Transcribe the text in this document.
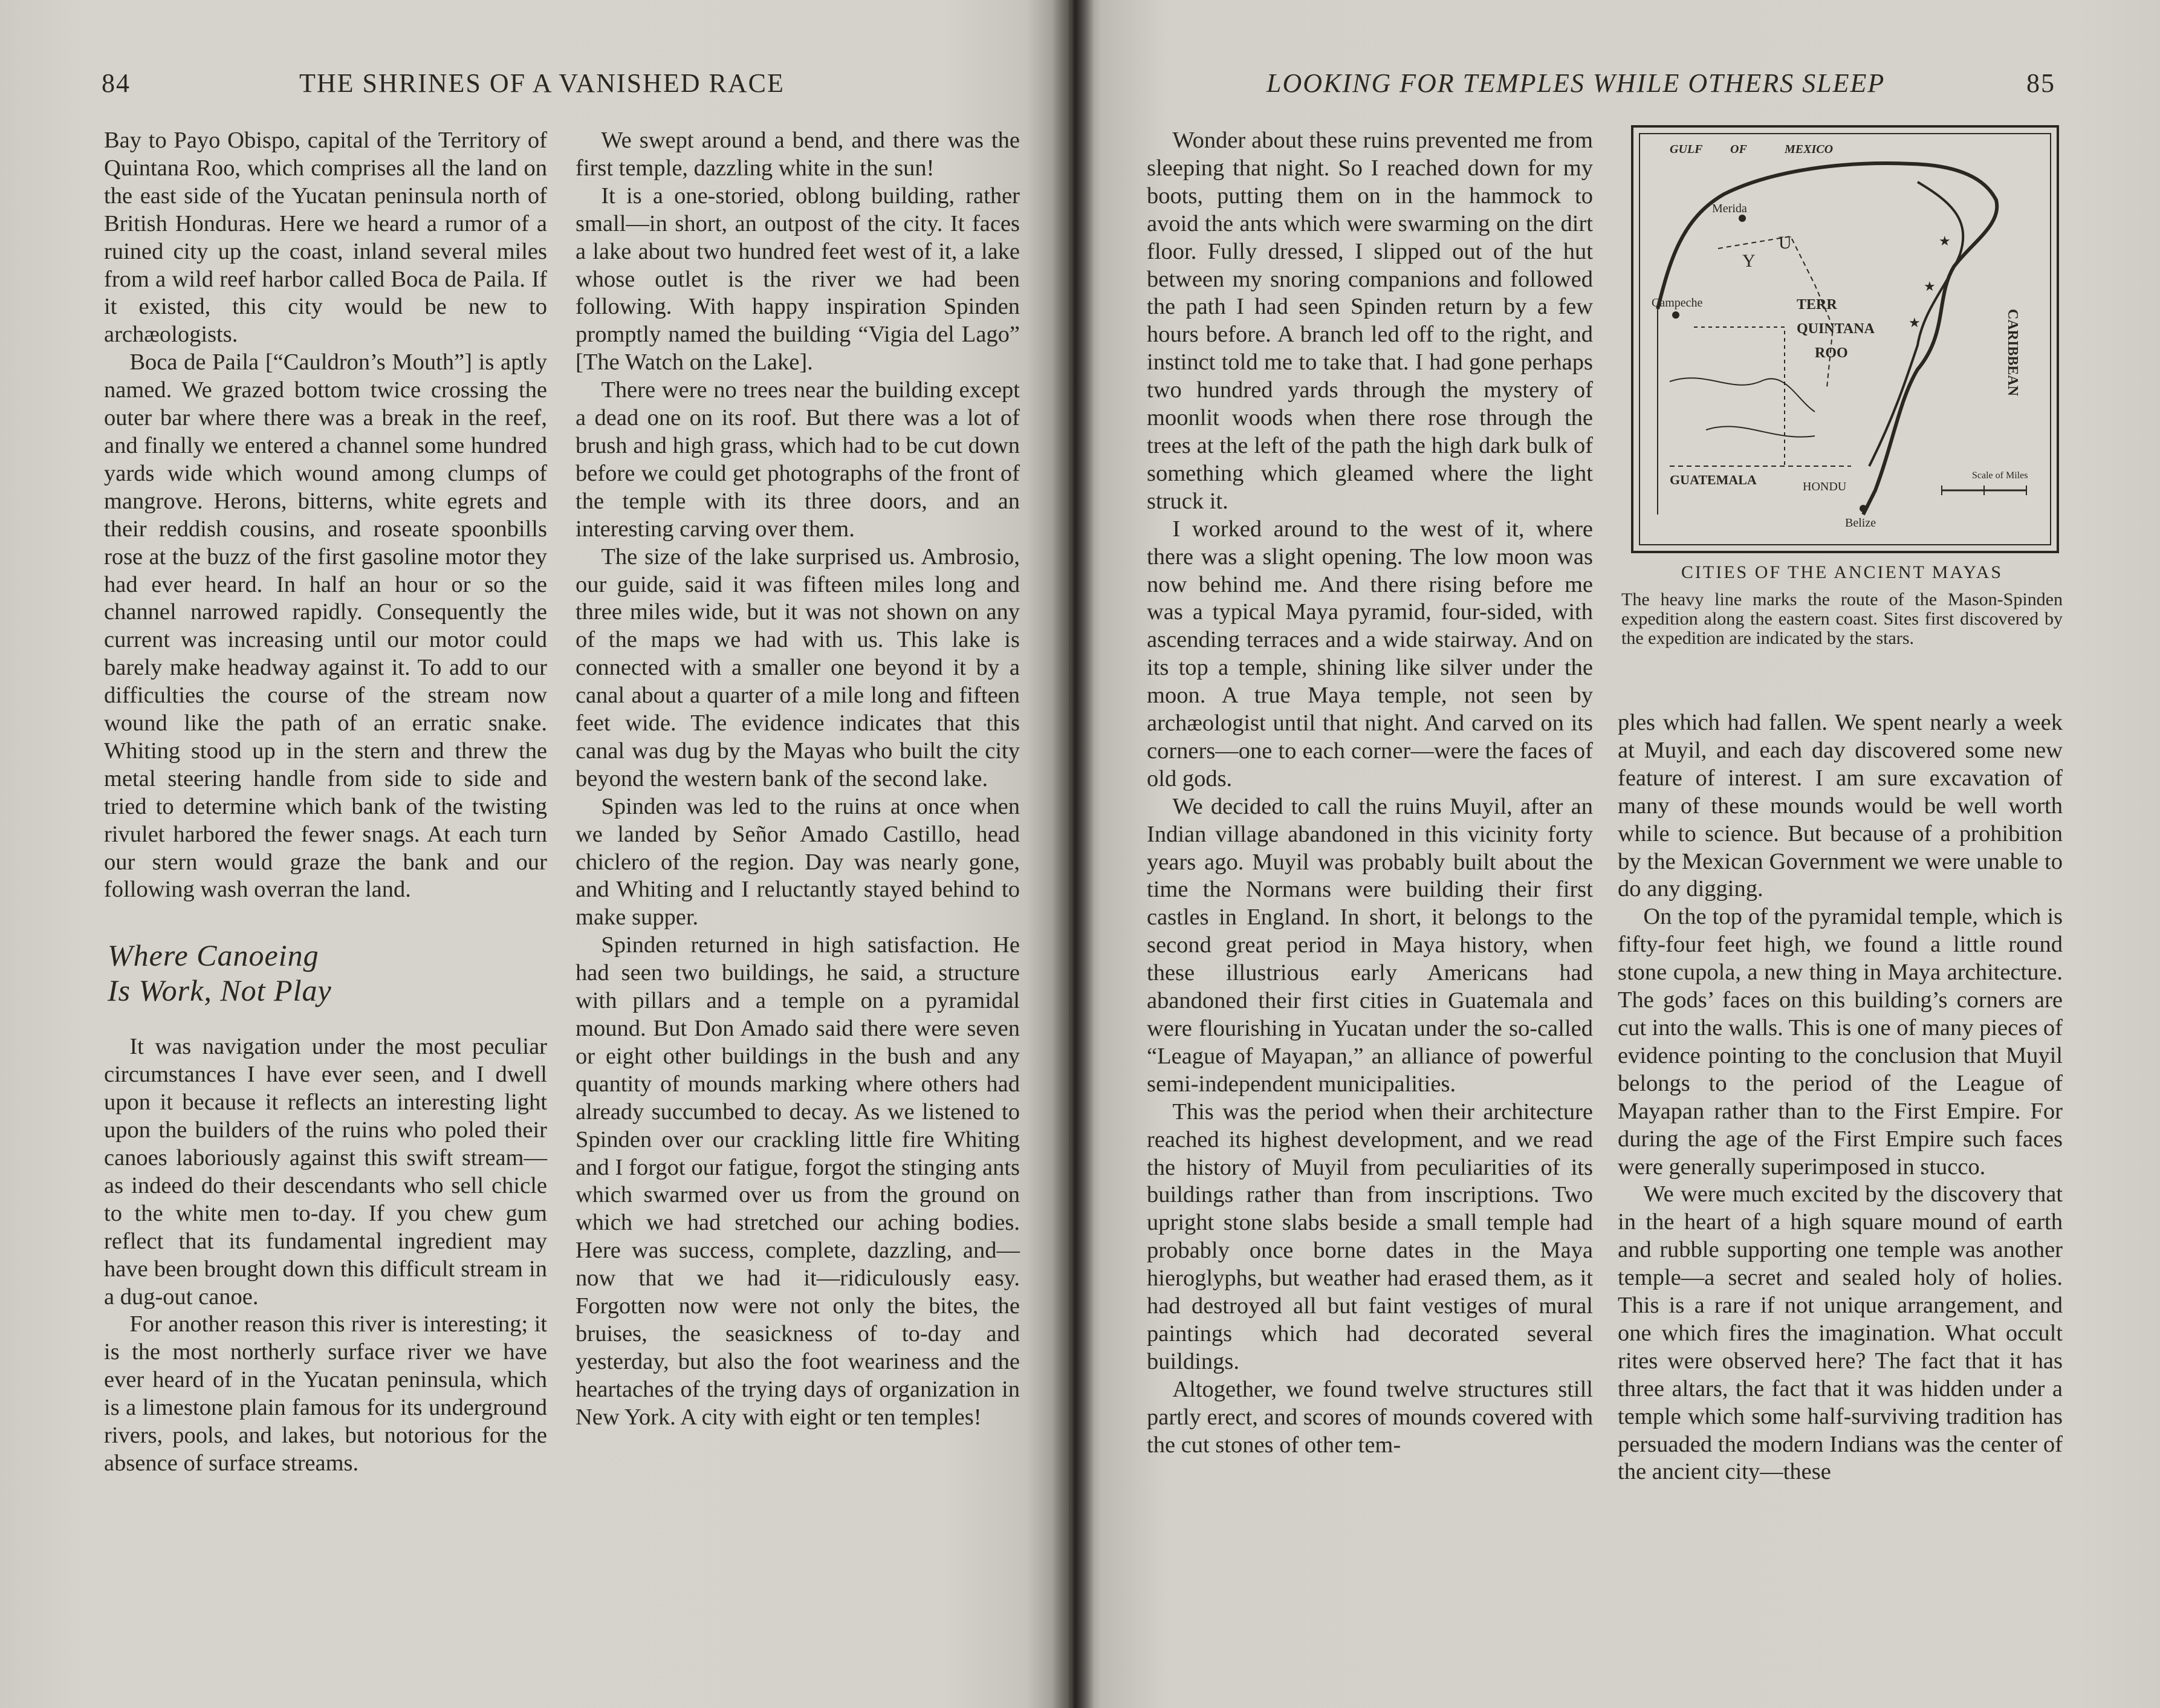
84	THE SHRINES OF A VANISHED RACE	LOOKING FOR TEMPLES WHILE OTHERS SLEEP	85

Bay to Payo Obispo, capital of the Territory of Quintana Roo, which comprises all the land on the east side of the Yucatan peninsula north of British Honduras. Here we heard a rumor of a ruined city up the coast, inland several miles from a wild reef harbor called Boca de Paila. If it existed, this city would be new to archæologists.

Boca de Paila [“Cauldron’s Mouth”] is aptly named. We grazed bottom twice crossing the outer bar where there was a break in the reef, and finally we entered a channel some hundred yards wide which wound among clumps of mangrove. Herons, bitterns, white egrets and their reddish cousins, and roseate spoonbills rose at the buzz of the first gasoline motor they had ever heard. In half an hour or so the channel narrowed rapidly. Consequently the current was increasing until our motor could barely make headway against it. To add to our difficulties the course of the stream now wound like the path of an erratic snake. Whiting stood up in the stern and threw the metal steering handle from side to side and tried to determine which bank of the twisting rivulet harbored the fewer snags. At each turn our stern would graze the bank and our following wash overran the land.

Where Canoeing
Is Work, Not Play

It was navigation under the most peculiar circumstances I have ever seen, and I dwell upon it because it reflects an interesting light upon the builders of the ruins who poled their canoes laboriously against this swift stream—as indeed do their descendants who sell chicle to the white men to-day. If you chew gum reflect that its fundamental ingredient may have been brought down this difficult stream in a dug-out canoe.

For another reason this river is interesting; it is the most northerly surface river we have ever heard of in the Yucatan peninsula, which is a limestone plain famous for its underground rivers, pools, and lakes, but notorious for the absence of surface streams.

We swept around a bend, and there was the first temple, dazzling white in the sun!

It is a one-storied, oblong building, rather small—in short, an outpost of the city. It faces a lake about two hundred feet west of it, a lake whose outlet is the river we had been following. With happy inspiration Spinden promptly named the building “Vigia del Lago” [The Watch on the Lake].

There were no trees near the building except a dead one on its roof. But there was a lot of brush and high grass, which had to be cut down before we could get photographs of the front of the temple with its three doors, and an interesting carving over them.

The size of the lake surprised us. Ambrosio, our guide, said it was fifteen miles long and three miles wide, but it was not shown on any of the maps we had with us. This lake is connected with a smaller one beyond it by a canal about a quarter of a mile long and fifteen feet wide. The evidence indicates that this canal was dug by the Mayas who built the city beyond the western bank of the second lake.

Spinden was led to the ruins at once when we landed by Señor Amado Castillo, head chiclero of the region. Day was nearly gone, and Whiting and I reluctantly stayed behind to make supper.

Spinden returned in high satisfaction. He had seen two buildings, he said, a structure with pillars and a temple on a pyramidal mound. But Don Amado said there were seven or eight other buildings in the bush and any quantity of mounds marking where others had already succumbed to decay. As we listened to Spinden over our crackling little fire Whiting and I forgot our fatigue, forgot the stinging ants which swarmed over us from the ground on which we had stretched our aching bodies. Here was success, complete, dazzling, and—now that we had it—ridiculously easy. Forgotten now were not only the bites, the bruises, the seasickness of to-day and yesterday, but also the foot weariness and the heartaches of the trying days of organization in New York. A city with eight or ten temples!

Wonder about these ruins prevented me from sleeping that night. So I reached down for my boots, putting them on in the hammock to avoid the ants which were swarming on the dirt floor. Fully dressed, I slipped out of the hut between my snoring companions and followed the path I had seen Spinden return by a few hours before. A branch led off to the right, and instinct told me to take that. I had gone perhaps two hundred yards through the mystery of moonlit woods when there rose through the trees at the left of the path the high dark bulk of something which gleamed where the light struck it.

I worked around to the west of it, where there was a slight opening. The low moon was now behind me. And there rising before me was a typical Maya pyramid, four-sided, with ascending terraces and a wide stairway. And on its top a temple, shining like silver under the moon. A true Maya temple, not seen by archæologist until that night. And carved on its corners—one to each corner—were the faces of old gods.

We decided to call the ruins Muyil, after an Indian village abandoned in this vicinity forty years ago. Muyil was probably built about the time the Normans were building their first castles in England. In short, it belongs to the second great period in Maya history, when these illustrious early Americans had abandoned their first cities in Guatemala and were flourishing in Yucatan under the so-called “League of Mayapan,” an alliance of powerful semi-independent municipalities.

This was the period when their architecture reached its highest development, and we read the history of Muyil from peculiarities of its buildings rather than from inscriptions. Two upright stone slabs beside a small temple had probably once borne dates in the Maya hieroglyphs, but weather had erased them, as it had destroyed all but faint vestiges of mural paintings which had decorated several buildings.

Altogether, we found twelve structures still partly erect, and scores of mounds covered with the cut stones of other tem-

★
★
★
GULF OF	MEXICO
Merida
Campeche
Y
U
TERR
QUINTANA
ROO
GUATEMALA	HONDU
Belize
Scale of Miles
CARIBBEAN
CITIES OF THE ANCIENT MAYAS
The heavy line marks the route of the Mason-Spinden expedition along the eastern coast. Sites first discovered by the expedition are indicated by the stars.

ples which had fallen. We spent nearly a week at Muyil, and each day discovered some new feature of interest. I am sure excavation of many of these mounds would be well worth while to science. But because of a prohibition by the Mexican Government we were unable to do any digging.

On the top of the pyramidal temple, which is fifty-four feet high, we found a little round stone cupola, a new thing in Maya architecture. The gods’ faces on this building’s corners are cut into the walls. This is one of many pieces of evidence pointing to the conclusion that Muyil belongs to the period of the League of Mayapan rather than to the First Empire. For during the age of the First Empire such faces were generally superimposed in stucco.

We were much excited by the discovery that in the heart of a high square mound of earth and rubble supporting one temple was another temple—a secret and sealed holy of holies. This is a rare if not unique arrangement, and one which fires the imagination. What occult rites were observed here? The fact that it has three altars, the fact that it was hidden under a temple which some half-surviving tradition has persuaded the modern Indians was the center of the ancient city—these
